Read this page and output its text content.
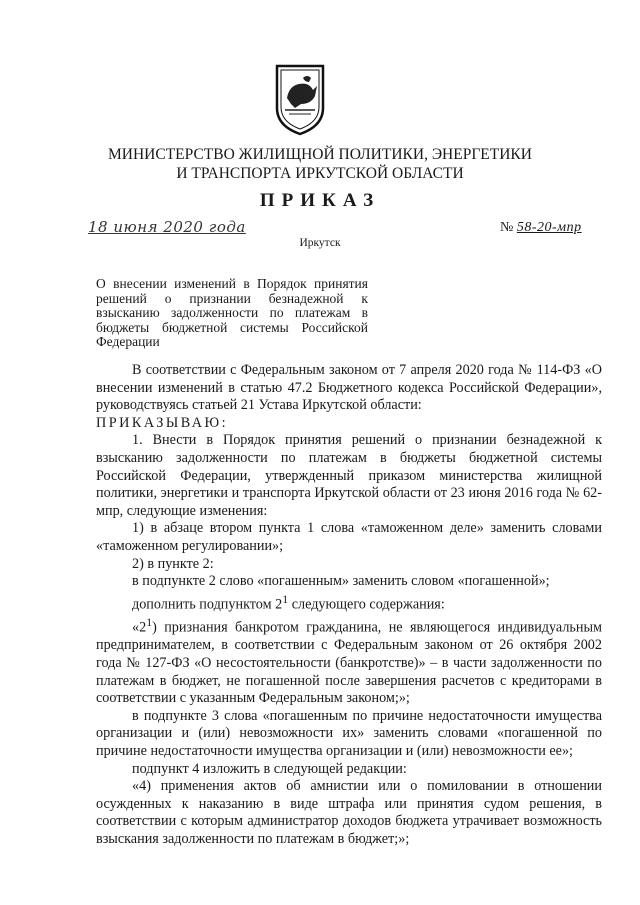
МИНИСТЕРСТВО ЖИЛИЩНОЙ ПОЛИТИКИ, ЭНЕРГЕТИКИ
И ТРАНСПОРТА ИРКУТСКОЙ ОБЛАСТИ
ПРИКАЗ
18 июня 2020 года	№ 58-20-мпр
Иркутск
О внесении изменений в Порядок принятия решений о признании безнадежной к взысканию задолженности по платежам в бюджеты бюджетной системы Российской Федерации

В соответствии с Федеральным законом от 7 апреля 2020 года № 114-ФЗ «О внесении изменений в статью 47.2 Бюджетного кодекса Российской Федерации», руководствуясь статьей 21 Устава Иркутской области:

ПРИКАЗЫВАЮ:

1. Внести в Порядок принятия решений о признании безнадежной к взысканию задолженности по платежам в бюджеты бюджетной системы Российской Федерации, утвержденный приказом министерства жилищной политики, энергетики и транспорта Иркутской области от 23 июня 2016 года № 62-мпр, следующие изменения:

1) в абзаце втором пункта 1 слова «таможенном деле» заменить словами «таможенном регулировании»;

2) в пункте 2:

в подпункте 2 слово «погашенным» заменить словом «погашенной»;

дополнить подпунктом $2^1$ следующего содержания:

«$2^1$) признания банкротом гражданина, не являющегося индивидуальным предпринимателем, в соответствии с Федеральным законом от 26 октября 2002 года № 127-ФЗ «О несостоятельности (банкротстве)» – в части задолженности по платежам в бюджет, не погашенной после завершения расчетов с кредиторами в соответствии с указанным Федеральным законом;»;

в подпункте 3 слова «погашенным по причине недостаточности имущества организации и (или) невозможности их» заменить словами «погашенной по причине недостаточности имущества организации и (или) невозможности ее»;

подпункт 4 изложить в следующей редакции:

«4) применения актов об амнистии или о помиловании в отношении осужденных к наказанию в виде штрафа или принятия судом решения, в соответствии с которым администратор доходов бюджета утрачивает возможность взыскания задолженности по платежам в бюджет;»;
